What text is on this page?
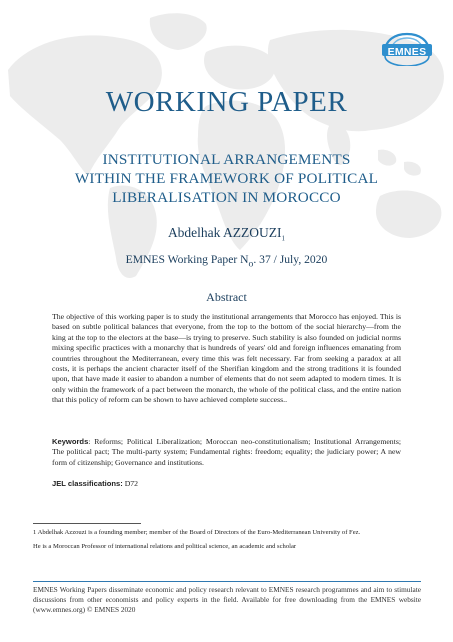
EMNES
WORKING PAPER
INSTITUTIONAL ARRANGEMENTS
WITHIN THE FRAMEWORK OF POLITICAL
LIBERALISATION IN MOROCCO
Abdelhak $AZZOUZI_1$
EMNES Working Paper $N_o$. 37 / July, 2020
Abstract
The objective of this working paper is to study the institutional arrangements that Morocco has enjoyed. This is based on subtle political balances that everyone, from the top to the bottom of the social hierarchy—from the king at the top to the electors at the base—is trying to preserve. Such stability is also founded on judicial norms mixing specific practices with a monarchy that is hundreds of years' old and foreign influences emanating from countries throughout the Mediterranean, every time this was felt necessary. Far from seeking a paradox at all costs, it is perhaps the ancient character itself of the Sherifian kingdom and the strong traditions it is founded upon, that have made it easier to abandon a number of elements that do not seem adapted to modern times. It is only within the framework of a pact between the monarch, the whole of the political class, and the entire nation that this policy of reform can be shown to have achieved complete success..
Keywords: Reforms; Political Liberalization; Moroccan neo-constitutionalism; Institutional Arrangements; The political pact; The multi-party system; Fundamental rights: freedom; equality; the judiciary power; A new form of citizenship; Governance and institutions.
JEL classifications: D72
1 Abdelhak Azzouzi is a founding member; member of the Board of Directors of the Euro-Mediterranean University of Fez. He is a Moroccan Professor of international relations and political science, an academic and scholar
EMNES Working Papers disseminate economic and policy research relevant to EMNES research programmes and aim to stimulate discussions from other economists and policy experts in the field. Available for free downloading from the EMNES website (www.emnes.org) © EMNES 2020
